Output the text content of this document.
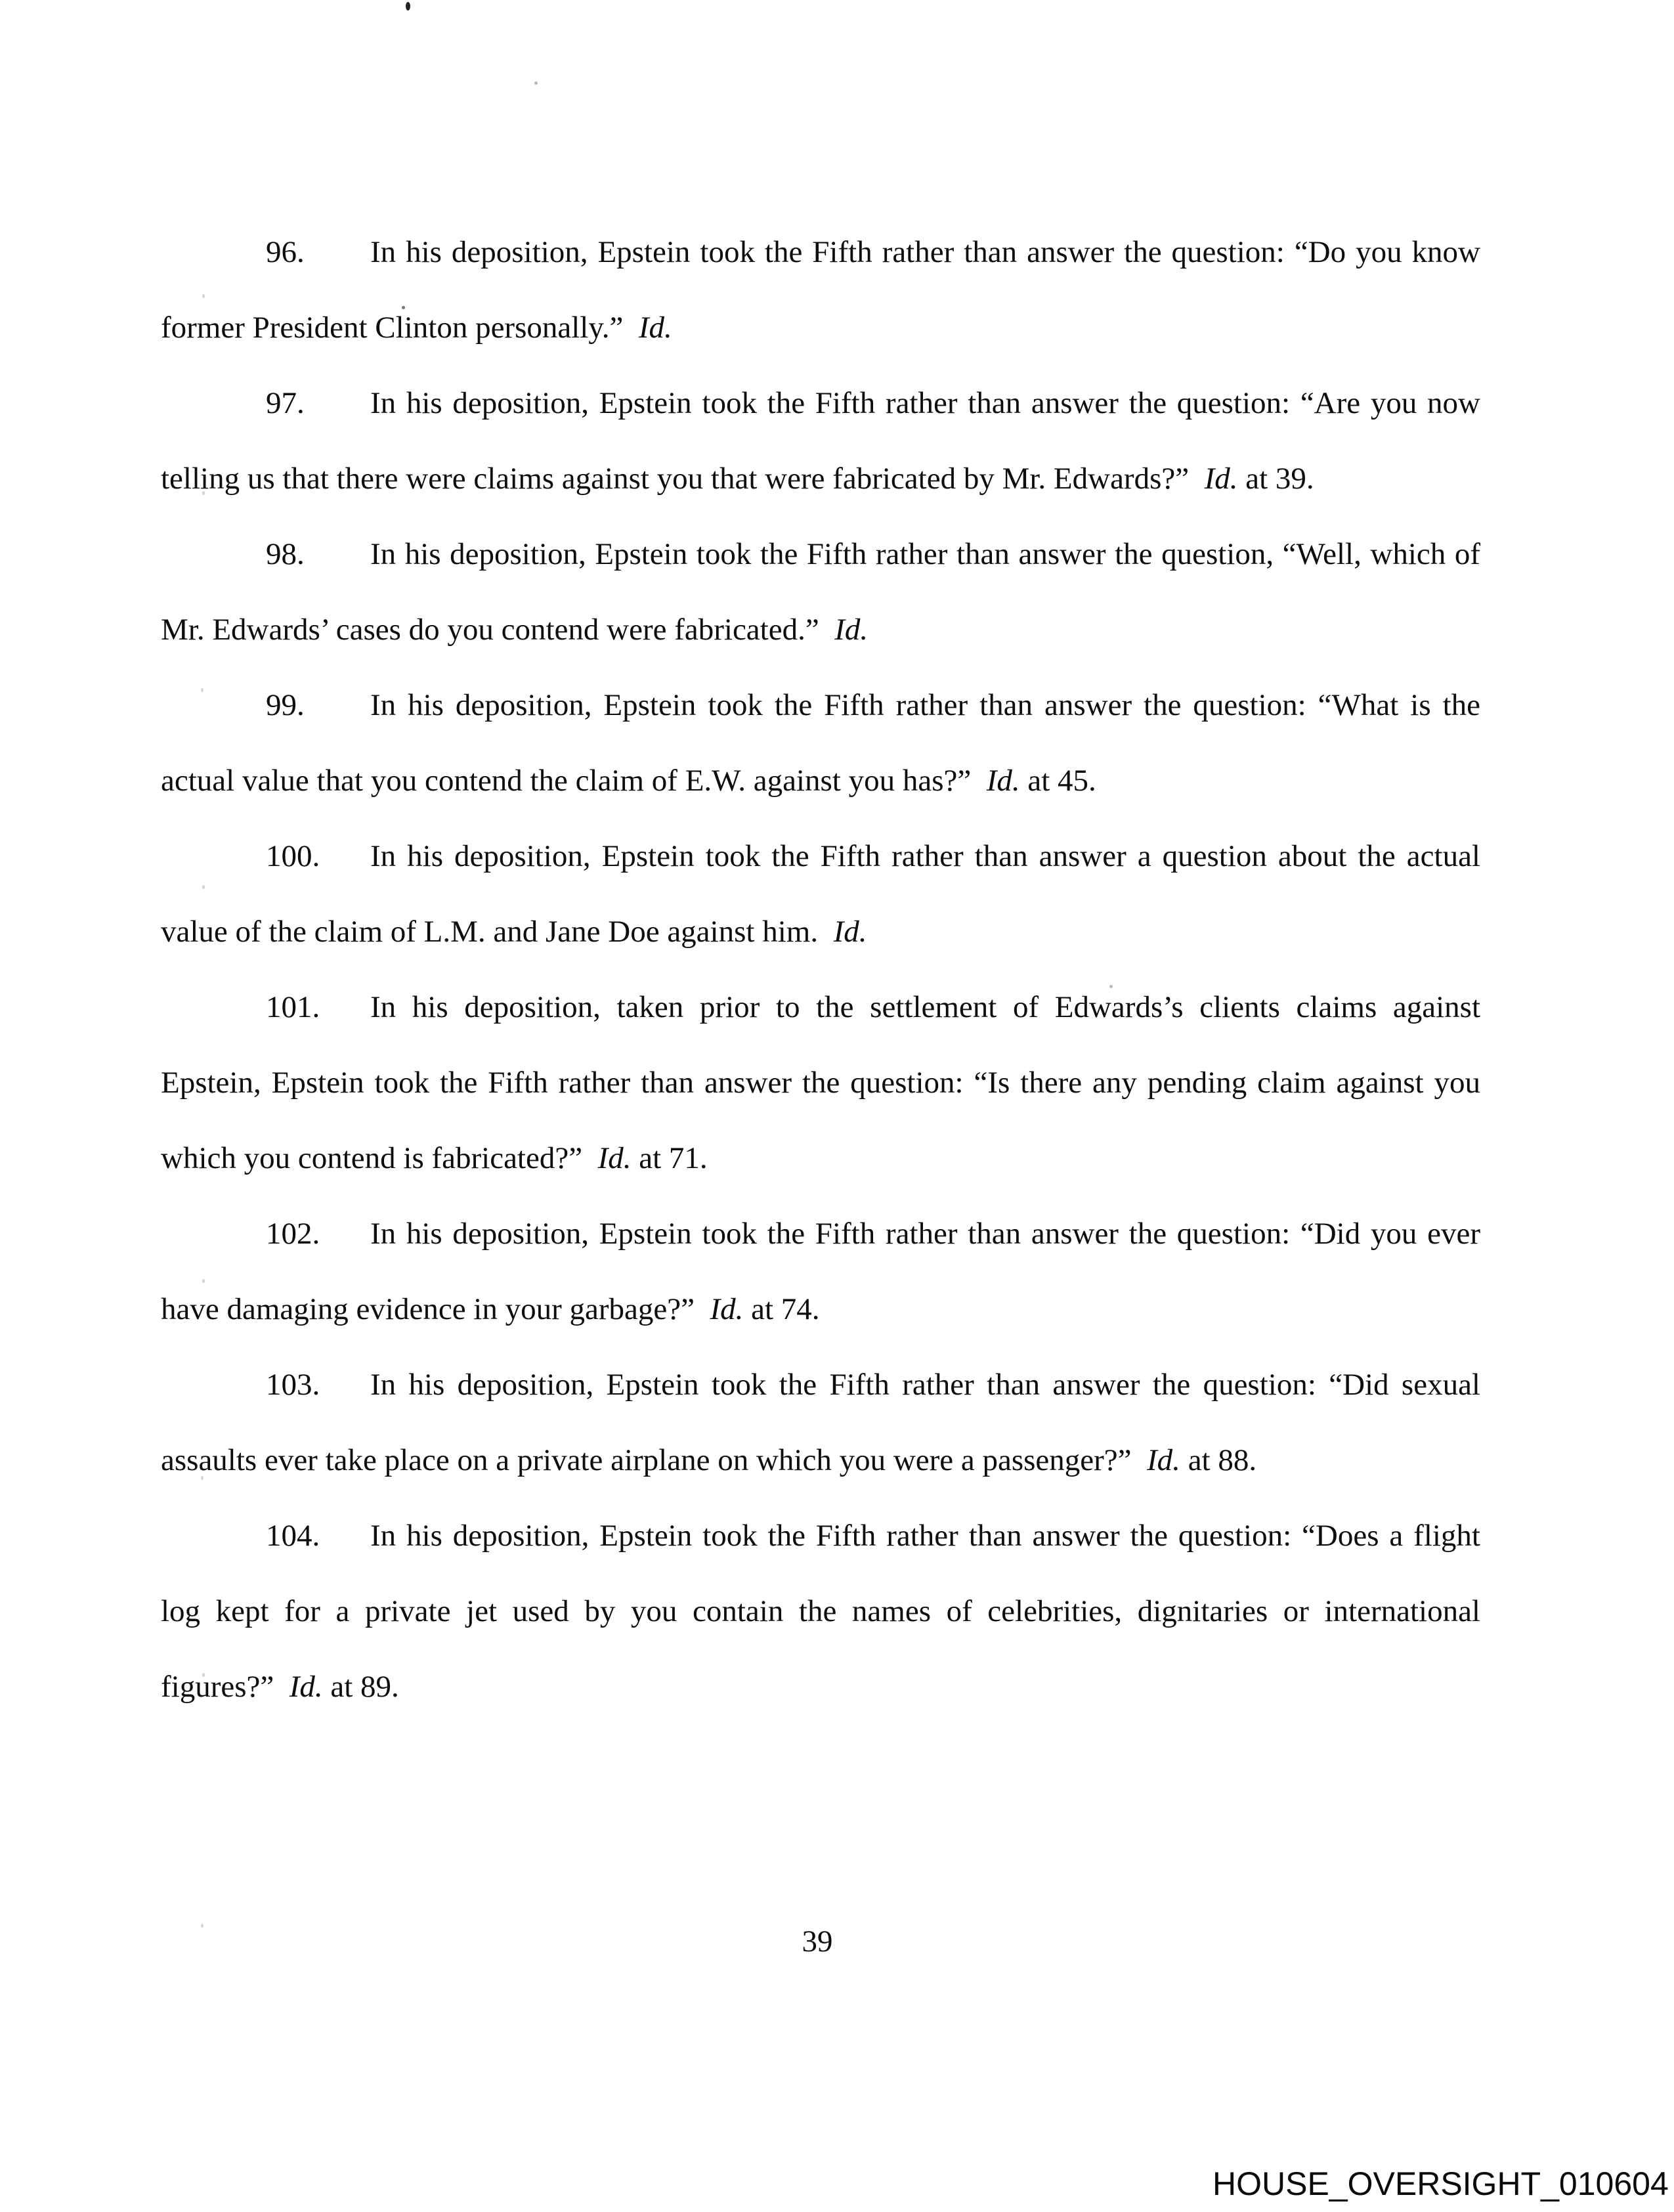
96. In his deposition, Epstein took the Fifth rather than answer the question: “Do you know former President Clinton personally.”  Id.

97. In his deposition, Epstein took the Fifth rather than answer the question: “Are you now telling us that there were claims against you that were fabricated by Mr. Edwards?”  Id. at 39.

98. In his deposition, Epstein took the Fifth rather than answer the question, “Well, which of Mr. Edwards’ cases do you contend were fabricated.”  Id.

99. In his deposition, Epstein took the Fifth rather than answer the question: “What is the actual value that you contend the claim of E.W. against you has?”  Id. at 45.

100. In his deposition, Epstein took the Fifth rather than answer a question about the actual value of the claim of L.M. and Jane Doe against him.  Id.

101. In his deposition, taken prior to the settlement of Edwards’s clients claims against Epstein, Epstein took the Fifth rather than answer the question: “Is there any pending claim against you which you contend is fabricated?”  Id. at 71.

102. In his deposition, Epstein took the Fifth rather than answer the question: “Did you ever have damaging evidence in your garbage?”  Id. at 74.

103. In his deposition, Epstein took the Fifth rather than answer the question: “Did sexual assaults ever take place on a private airplane on which you were a passenger?”  Id. at 88.

104. In his deposition, Epstein took the Fifth rather than answer the question: “Does a flight log kept for a private jet used by you contain the names of celebrities, dignitaries or international figures?”  Id. at 89.

39
HOUSE_OVERSIGHT_010604
